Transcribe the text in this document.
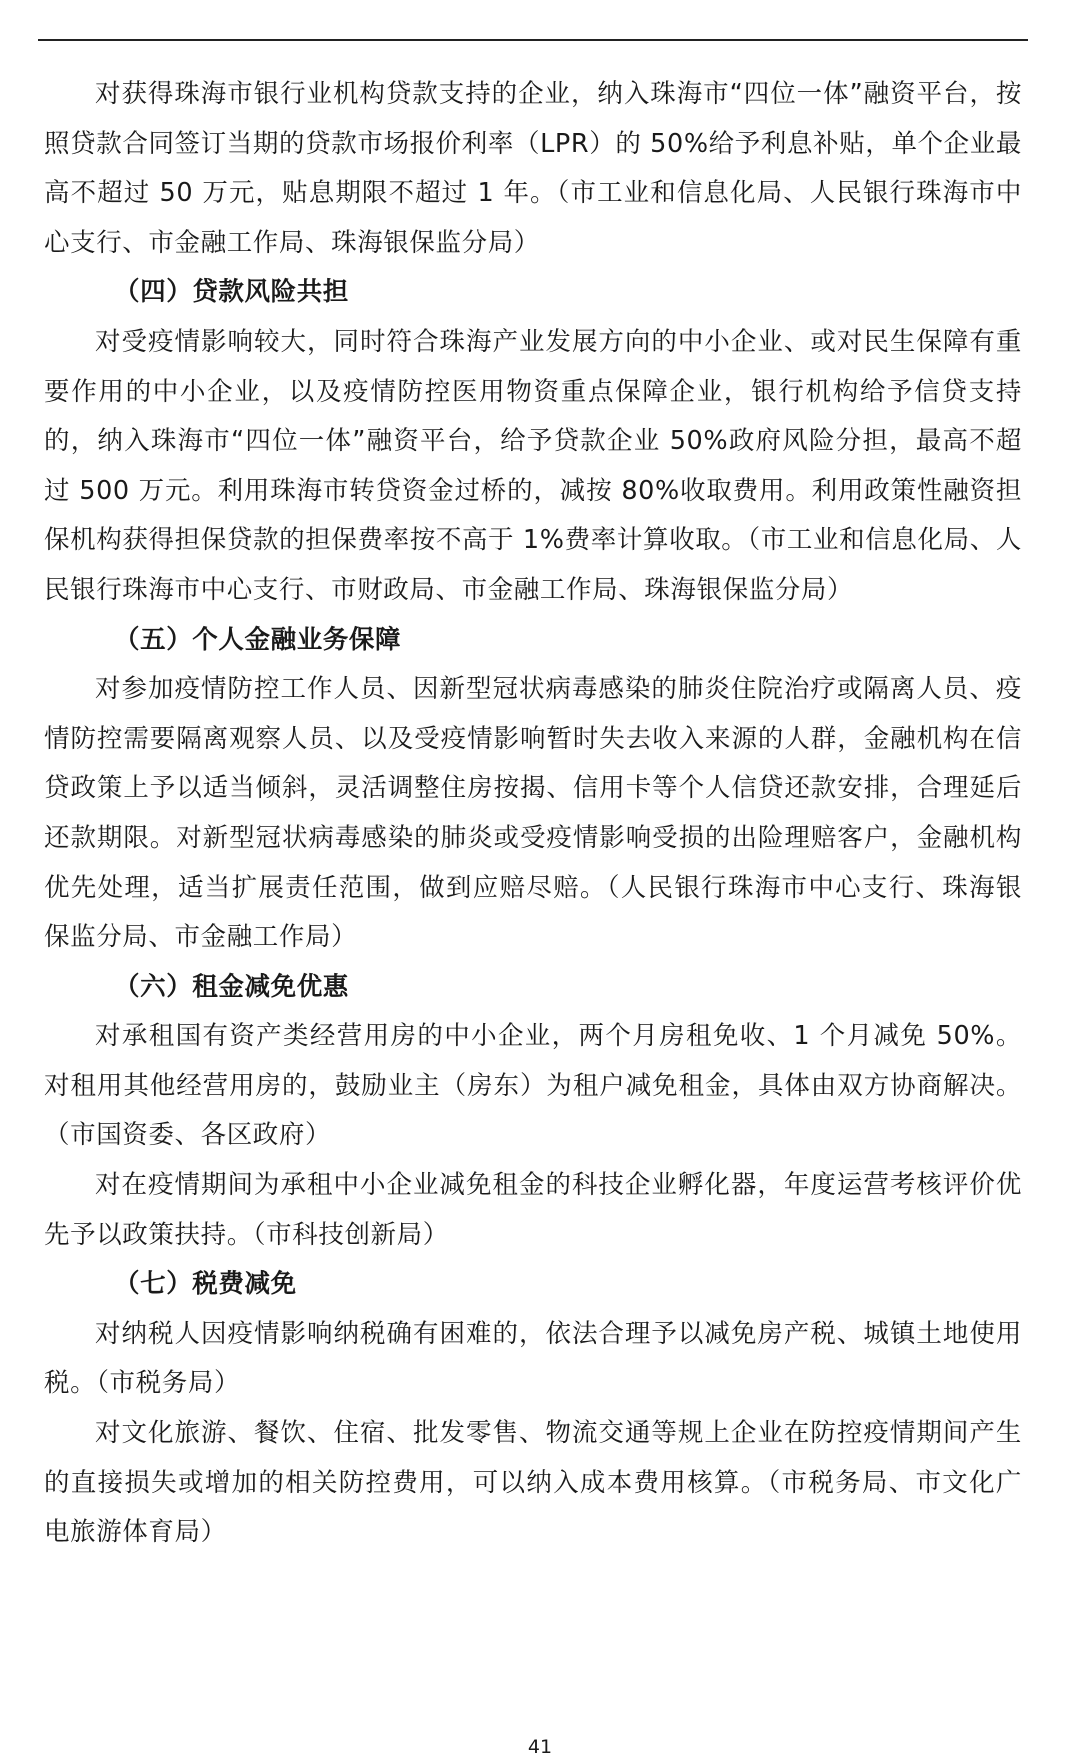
对获得珠海市银行业机构贷款支持的企业，纳入珠海市“四位一体”融资平台，按照贷款合同签订当期的贷款市场报价利率（LPR）的 50%给予利息补贴，单个企业最高不超过 50 万元，贴息期限不超过 1 年。（市工业和信息化局、人民银行珠海市中心支行、市金融工作局、珠海银保监分局）

（四）贷款风险共担

对受疫情影响较大，同时符合珠海产业发展方向的中小企业、或对民生保障有重要作用的中小企业，以及疫情防控医用物资重点保障企业，银行机构给予信贷支持的，纳入珠海市“四位一体”融资平台，给予贷款企业 50%政府风险分担，最高不超过 500 万元。利用珠海市转贷资金过桥的，减按 80%收取费用。利用政策性融资担保机构获得担保贷款的担保费率按不高于 1%费率计算收取。（市工业和信息化局、人民银行珠海市中心支行、市财政局、市金融工作局、珠海银保监分局）

（五）个人金融业务保障

对参加疫情防控工作人员、因新型冠状病毒感染的肺炎住院治疗或隔离人员、疫情防控需要隔离观察人员、以及受疫情影响暂时失去收入来源的人群，金融机构在信贷政策上予以适当倾斜，灵活调整住房按揭、信用卡等个人信贷还款安排，合理延后还款期限。对新型冠状病毒感染的肺炎或受疫情影响受损的出险理赔客户，金融机构优先处理，适当扩展责任范围，做到应赔尽赔。（人民银行珠海市中心支行、珠海银保监分局、市金融工作局）

（六）租金减免优惠

对承租国有资产类经营用房的中小企业，两个月房租免收、1 个月减免 50%。对租用其他经营用房的，鼓励业主（房东）为租户减免租金，具体由双方协商解决。（市国资委、各区政府）

对在疫情期间为承租中小企业减免租金的科技企业孵化器，年度运营考核评价优先予以政策扶持。（市科技创新局）

（七）税费减免

对纳税人因疫情影响纳税确有困难的，依法合理予以减免房产税、城镇土地使用税。（市税务局）

对文化旅游、餐饮、住宿、批发零售、物流交通等规上企业在防控疫情期间产生的直接损失或增加的相关防控费用，可以纳入成本费用核算。（市税务局、市文化广电旅游体育局）

41
